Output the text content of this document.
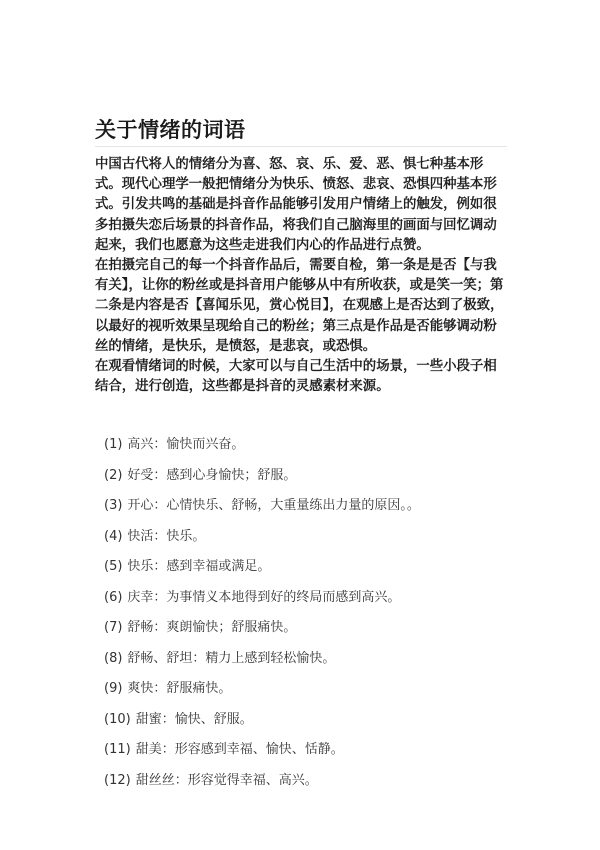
关于情绪的词语

中国古代将人的情绪分为喜、怒、哀、乐、爱、恶、惧七种基本形式。现代心理学一般把情绪分为快乐、愤怒、悲哀、恐惧四种基本形式。引发共鸣的基础是抖音作品能够引发用户情绪上的触发，例如很多拍摄失恋后场景的抖音作品，将我们自己脑海里的画面与回忆调动起来，我们也愿意为这些走进我们内心的作品进行点赞。

在拍摄完自己的每一个抖音作品后，需要自检，第一条是是否【与我有关】，让你的粉丝或是抖音用户能够从中有所收获，或是笑一笑；第二条是内容是否【喜闻乐见，赏心悦目】，在观感上是否达到了极致，以最好的视听效果呈现给自己的粉丝；第三点是作品是否能够调动粉丝的情绪，是快乐，是愤怒，是悲哀，或恐惧。

在观看情绪词的时候，大家可以与自己生活中的场景，一些小段子相结合，进行创造，这些都是抖音的灵感素材来源。

(1) 高兴：愉快而兴奋。
(2) 好受：感到心身愉快；舒服。
(3) 开心：心情快乐、舒畅，大重量练出力量的原因。。
(4) 快活：快乐。
(5) 快乐：感到幸福或满足。
(6) 庆幸：为事情义本地得到好的终局而感到高兴。
(7) 舒畅：爽朗愉快；舒服痛快。
(8) 舒畅、舒坦：精力上感到轻松愉快。
(9) 爽快：舒服痛快。
(10) 甜蜜：愉快、舒服。
(11) 甜美：形容感到幸福、愉快、恬静。
(12) 甜丝丝：形容觉得幸福、高兴。
